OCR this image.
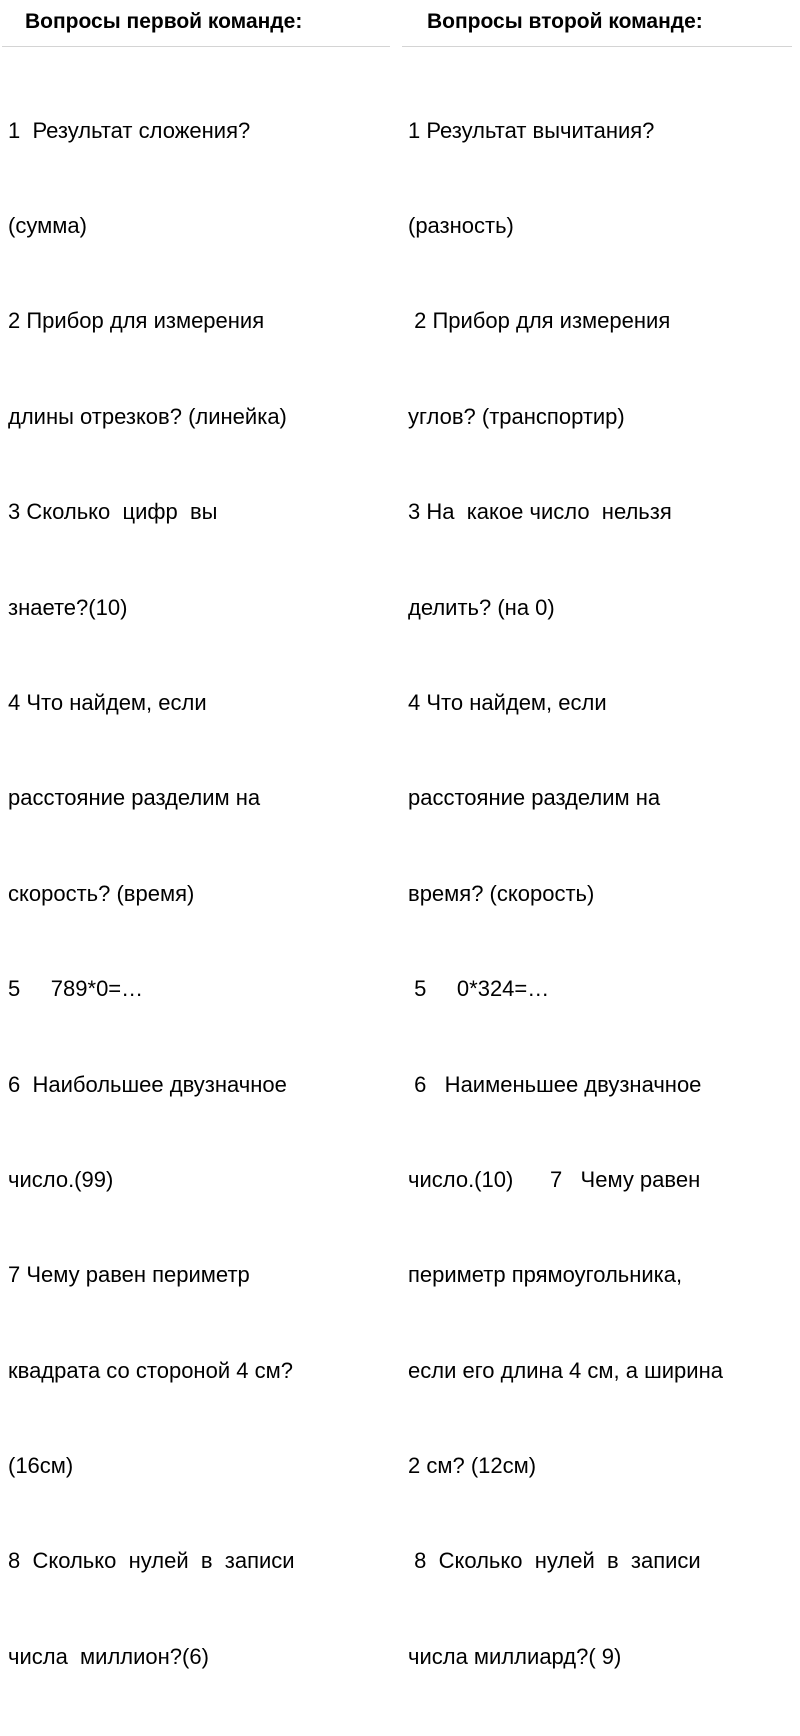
Вопросы первой команде:	Вопросы второй команде:

1  Результат сложения?

(сумма)

2 Прибор для измерения

длины отрезков? (линейка)

3 Сколько  цифр  вы

знаете?(10)

4 Что найдем, если

расстояние разделим на

скорость? (время)

5     789*0=…

6  Наибольшее двузначное

число.(99)

7 Чему равен периметр

квадрата со стороной 4 см?

(16см)

8  Сколько  нулей  в  записи

числа  миллион?(6)

1 Результат вычитания?

(разность)

2 Прибор для измерения

углов? (транспортир)

3 На  какое число  нельзя

делить? (на 0)

4 Что найдем, если

расстояние разделим на

время? (скорость)

5     0*324=…

6   Наименьшее двузначное

число.(10)      7   Чему равен

периметр прямоугольника,

если его длина 4 см, а ширина

2 см? (12см)

8  Сколько  нулей  в  записи

числа миллиард?( 9)
